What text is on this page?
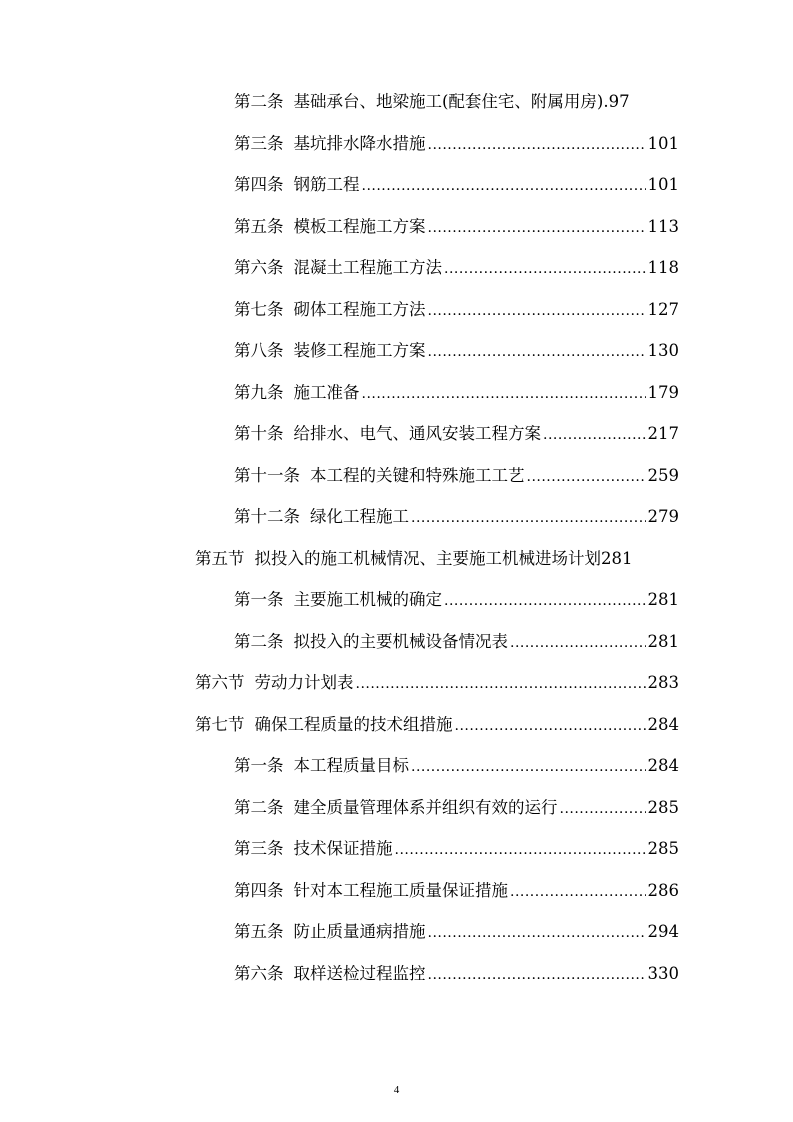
第二条 基础承台、地梁施工(配套住宅、附属用房) .97
第三条 基坑排水降水措施 .....	101
第四条 钢筋工程 .....	101
第五条 模板工程施工方案 .....	113
第六条 混凝土工程施工方法 .....	118
第七条 砌体工程施工方法 .....	127
第八条 装修工程施工方案 .....	130
第九条 施工准备 .....	179
第十条 给排水、电气、通风安装工程方案 .....	217
第十一条 本工程的关键和特殊施工工艺 .....	259
第十二条 绿化工程施工 .....	279
第五节 拟投入的施工机械情况、主要施工机械进场计划 281
第一条 主要施工机械的确定 .....	281
第二条 拟投入的主要机械设备情况表 .....	281
第六节 劳动力计划表 .....	283
第七节 确保工程质量的技术组措施 .....	284
第一条 本工程质量目标 .....	284
第二条 建全质量管理体系并组织有效的运行 .....	285
第三条 技术保证措施 .....	285
第四条 针对本工程施工质量保证措施 .....	286
第五条 防止质量通病措施 .....	294
第六条 取样送检过程监控 .....	330
4
